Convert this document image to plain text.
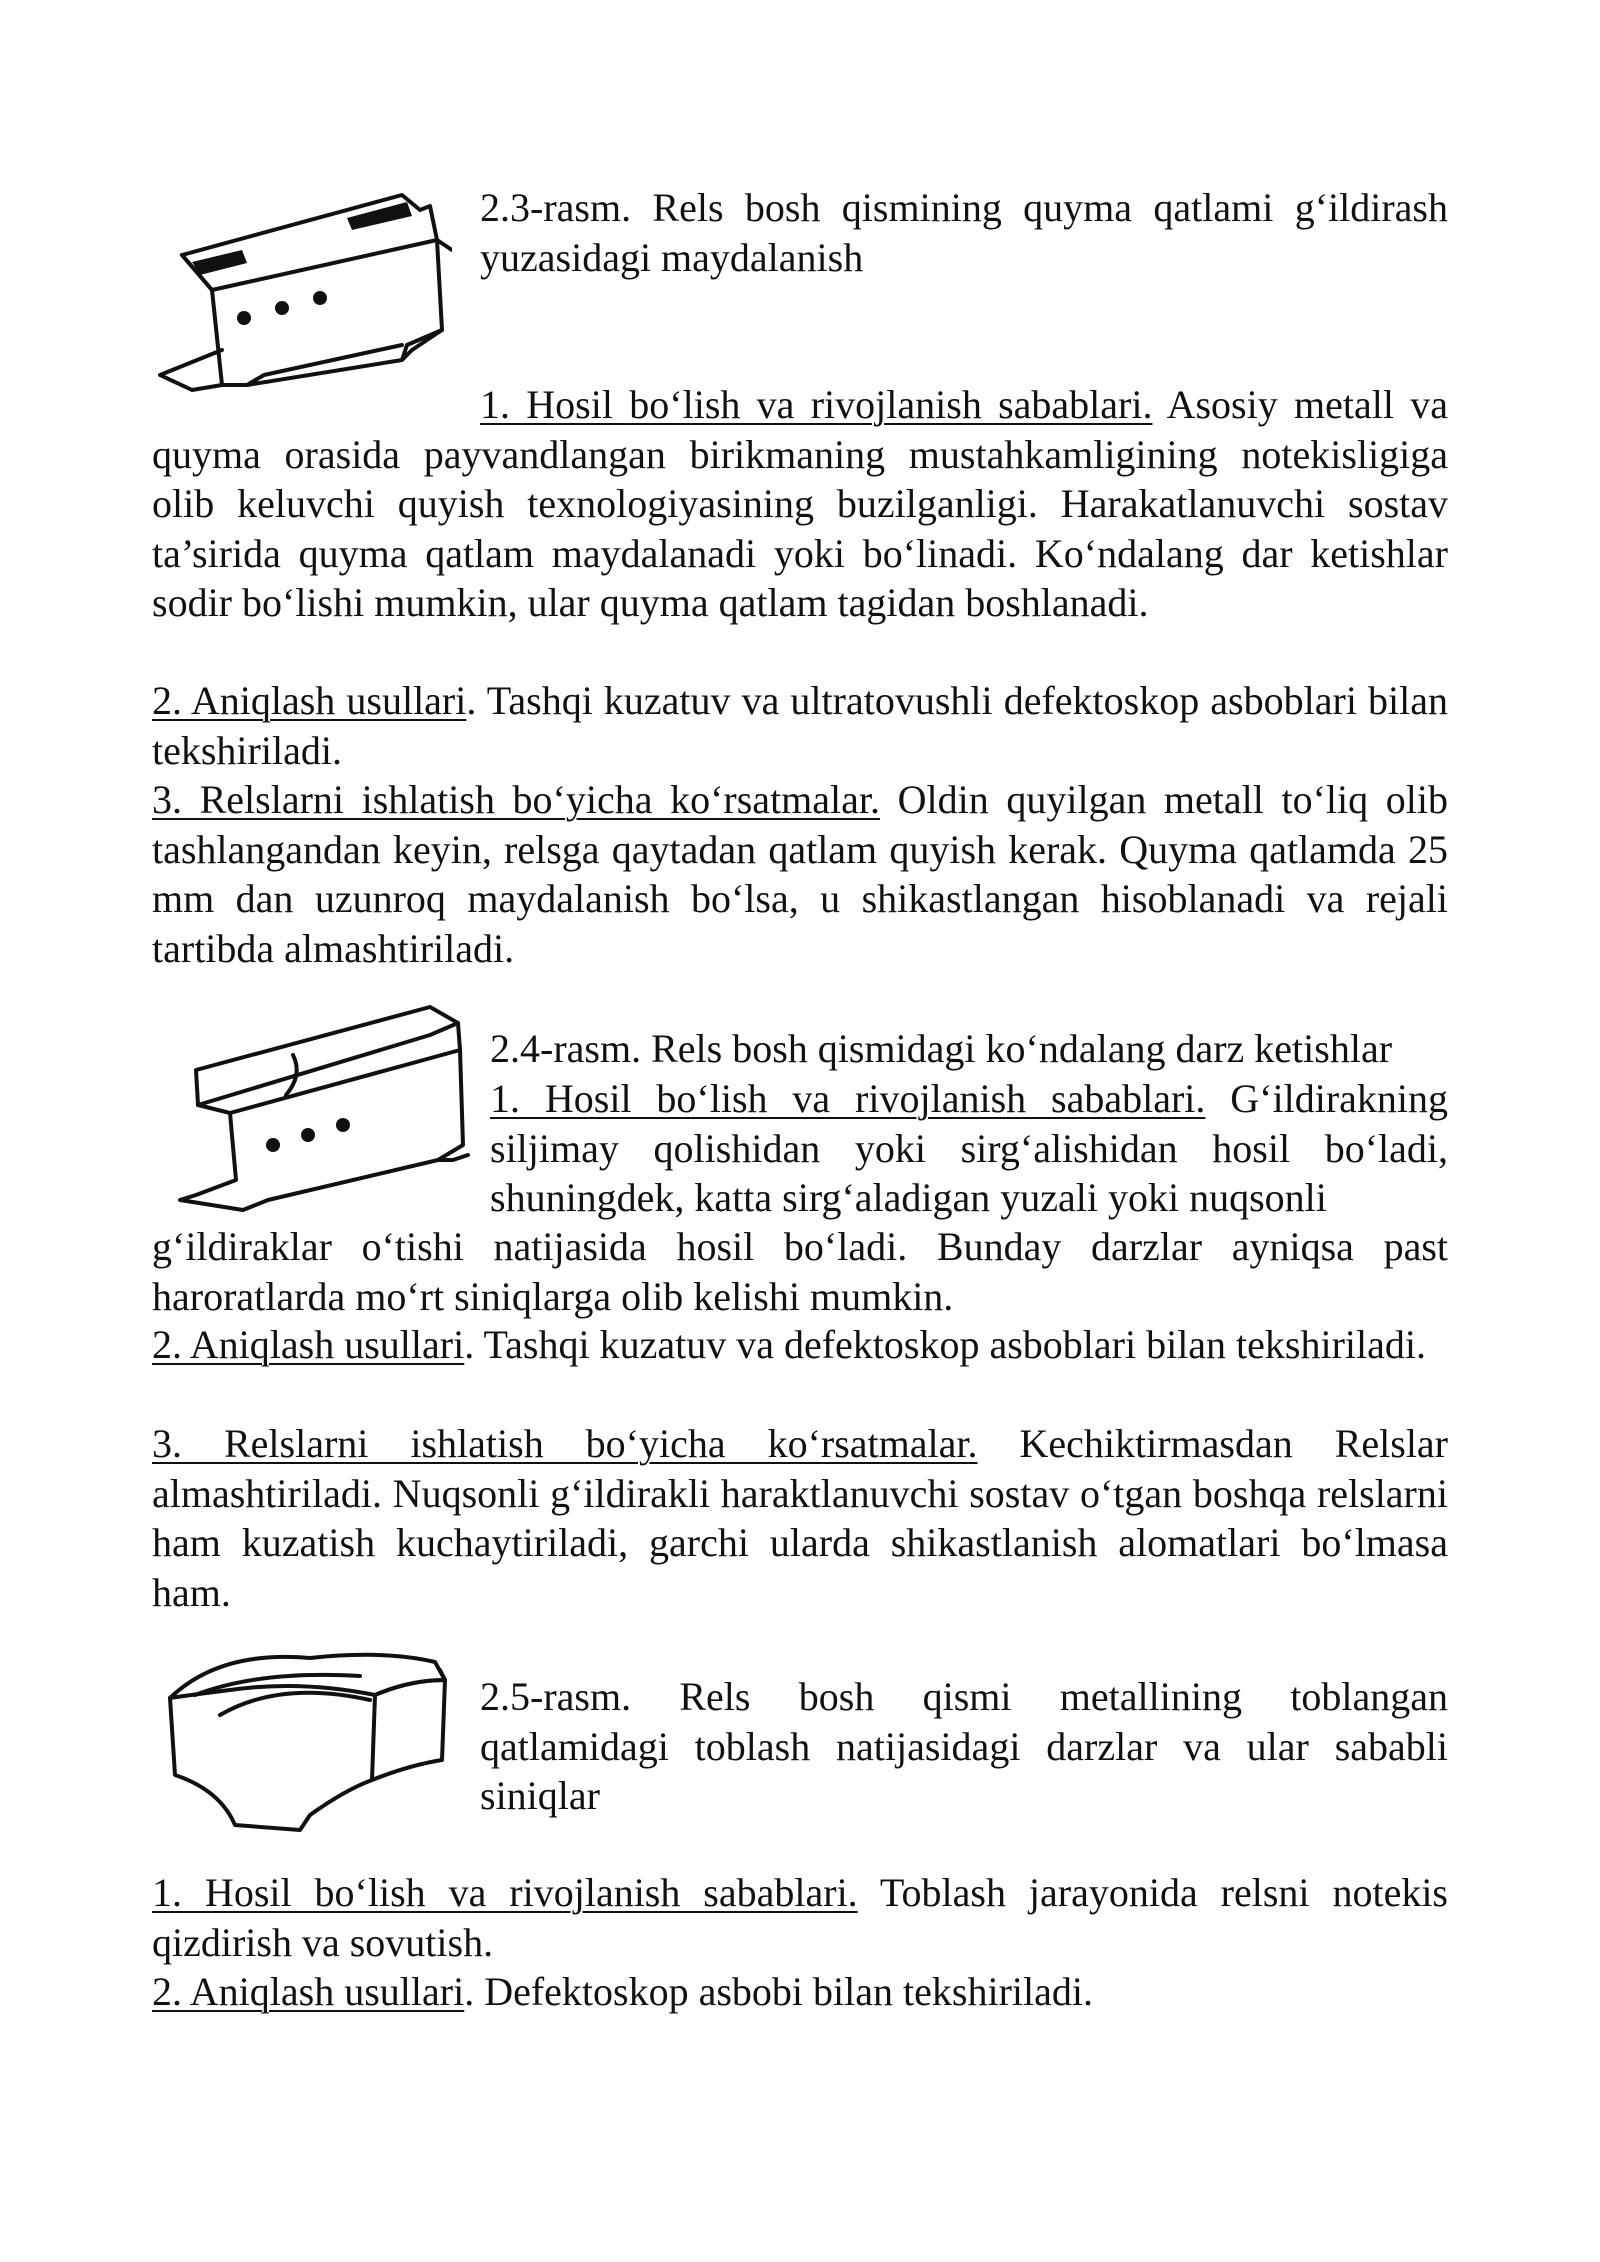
2.3-rasm. Rels bosh qismining quyma qatlami g‘ildirash yuzasidagi maydalanish

1. Hosil bo‘lish va rivojlanish sabablari. Asosiy metall va quyma orasida payvandlangan birikmaning mustahkamligining notekisligiga olib keluvchi quyish texnologiyasining buzilganligi. Harakatlanuvchi sostav ta’sirida quyma qatlam maydalanadi yoki bo‘linadi. Ko‘ndalang dar ketishlar sodir bo‘lishi mumkin, ular quyma qatlam tagidan boshlanadi.

2. Aniqlash usullari. Tashqi kuzatuv va ultratovushli defektoskop asboblari bilan tekshiriladi.

3. Relslarni ishlatish bo‘yicha ko‘rsatmalar. Oldin quyilgan metall to‘liq olib tashlangandan keyin, relsga qaytadan qatlam quyish kerak. Quyma qatlamda 25 mm dan uzunroq maydalanish bo‘lsa, u shikastlangan hisoblanadi va rejali tartibda almashtiriladi.

2.4-rasm. Rels bosh qismidagi ko‘ndalang darz ketishlar

1. Hosil bo‘lish va rivojlanish sabablari. G‘ildirakning siljimay qolishidan yoki sirg‘alishidan hosil bo‘ladi, shuningdek, katta sirg‘aladigan yuzali yoki nuqsonli

g‘ildiraklar o‘tishi natijasida hosil bo‘ladi. Bunday darzlar ayniqsa past haroratlarda mo‘rt siniqlarga olib kelishi mumkin.

2. Aniqlash usullari. Tashqi kuzatuv va defektoskop asboblari bilan tekshiriladi.

3. Relslarni ishlatish bo‘yicha ko‘rsatmalar. Kechiktirmasdan Relslar almashtiriladi. Nuqsonli g‘ildirakli haraktlanuvchi sostav o‘tgan boshqa relslarni ham kuzatish kuchaytiriladi, garchi ularda shikastlanish alomatlari bo‘lmasa ham.

2.5-rasm. Rels bosh qismi metallining toblangan qatlamidagi toblash natijasidagi darzlar va ular sababli siniqlar

1. Hosil bo‘lish va rivojlanish sabablari. Toblash jarayonida relsni notekis qizdirish va sovutish.

2. Aniqlash usullari. Defektoskop asbobi bilan tekshiriladi.
